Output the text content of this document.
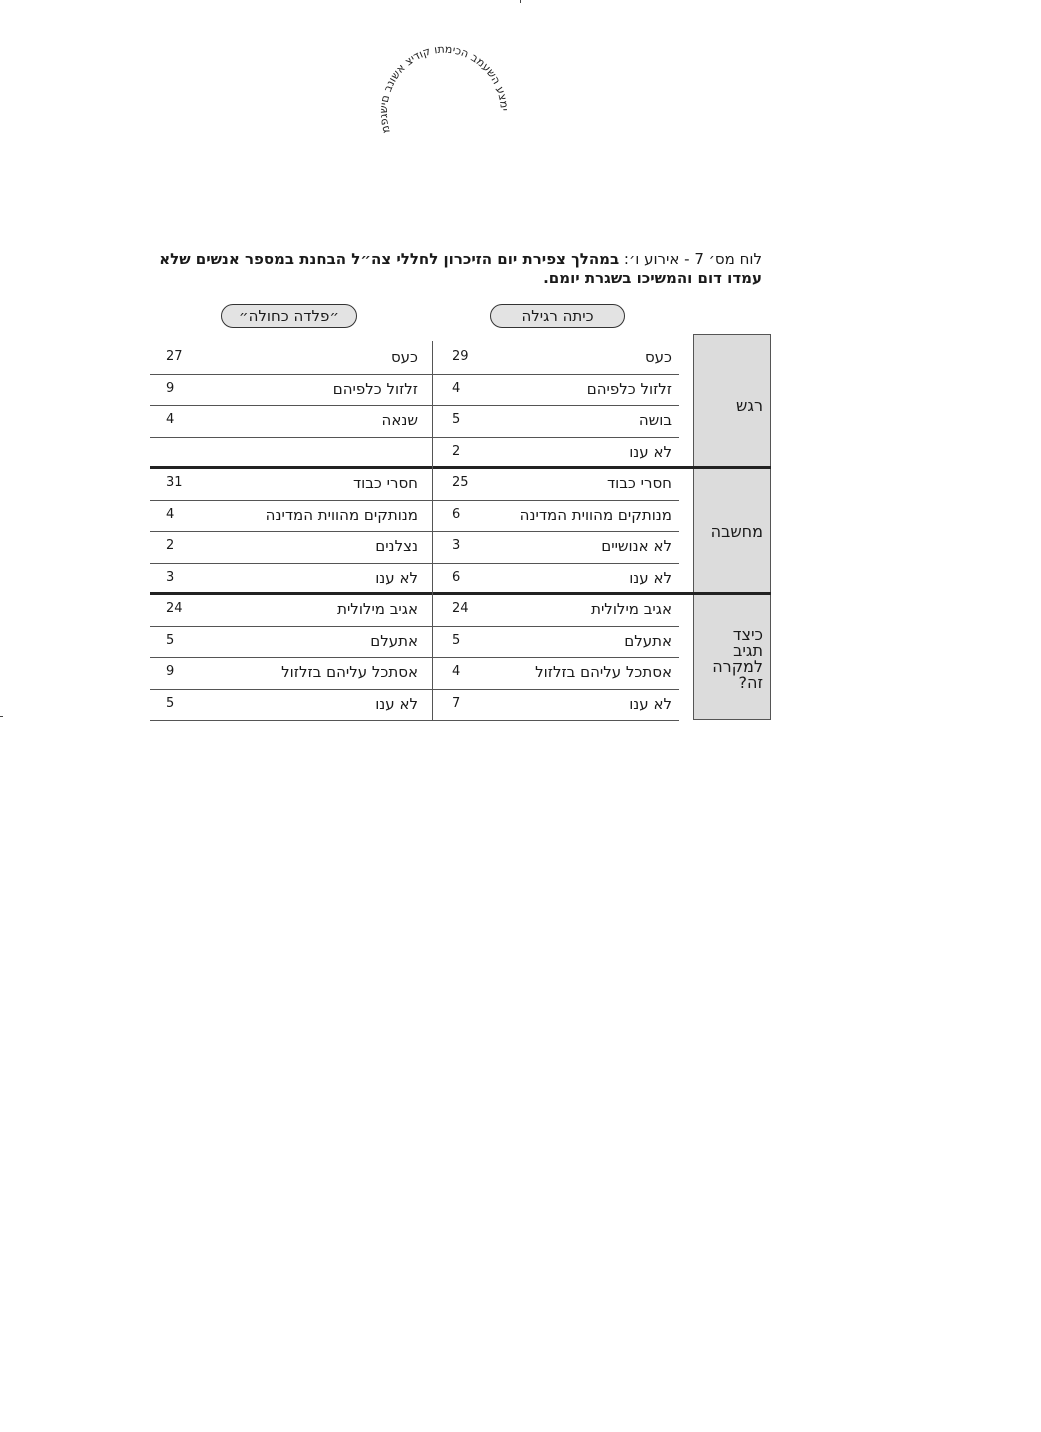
מפגשים בנושא צידוק ותמיכה במעשה עצמי
לוח מס׳ 7 - אירוע ו׳: במהלך צפירת יום הזיכרון לחללי צה״ל הבחנת במספר אנשים שלא
עמדו דום והמשיכו בשגרת יומם.
כיתה רגילה
״פלדה כחולה״
רגש
כעס
29
כעס
27
זלזול כלפיהם
4
זלזול כלפיהם
9
בושה
5
שנאה
4
לא ענו
2
מחשבה
חסרי כבוד
25
חסרי כבוד
31
מנותקים מהווית המדינה
6
מנותקים מהווית המדינה
4
לא אנושיים
3
נצלנים
2
לא ענו
6
לא ענו
3
כיצד
תגיב
למקרה
זה?
אגיב מילולית
24
אגיב מילולית
24
אתעלם
5
אתעלם
5
אסתכל עליהם בזלזול
4
אסתכל עליהם בזלזול
9
לא ענו
7
לא ענו
5
